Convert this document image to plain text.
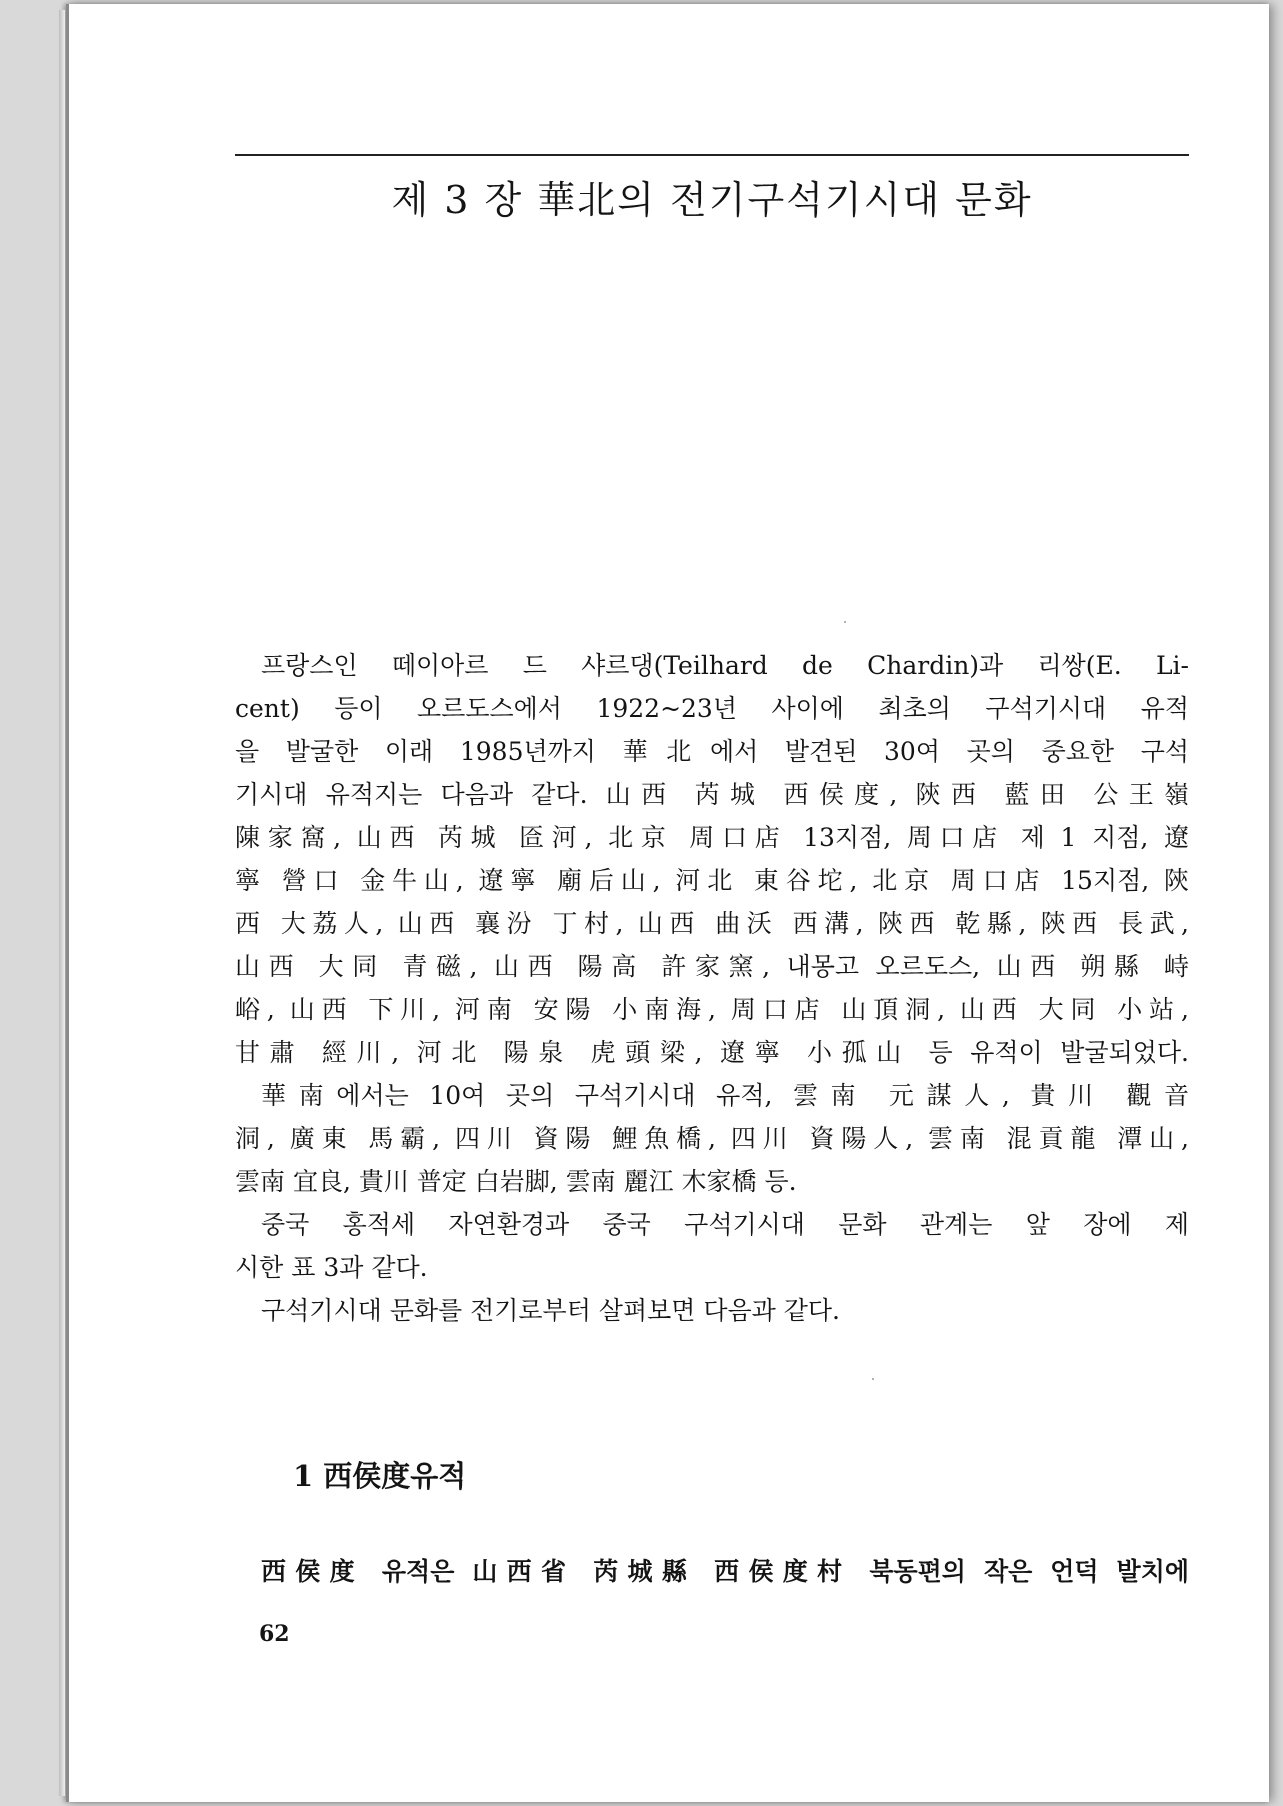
제 3 장 華北의 전기구석기시대 문화
프랑스인 떼이아르 드 샤르댕(Teilhard de Chardin)과 리쌍(E. Li-
cent) 등이 오르도스에서 1922~23년 사이에 최초의 구석기시대 유적
을 발굴한 이래 1985년까지 華北에서 발견된 30여 곳의 중요한 구석
기시대 유적지는 다음과 같다. 山西 芮城 西侯度, 陝西 藍田 公王嶺
陳家窩, 山西 芮城 匼河, 北京 周口店 13지점, 周口店 제 1 지점, 遼
寧 營口 金牛山, 遼寧 廟后山, 河北 東谷坨, 北京 周口店 15지점, 陝
西 大荔人, 山西 襄汾 丁村, 山西 曲沃 西溝, 陝西 乾縣, 陝西 長武,
山西 大同 青磁, 山西 陽高 許家窯, 내몽고 오르도스, 山西 朔縣 峙
峪, 山西 下川, 河南 安陽 小南海, 周口店 山頂洞, 山西 大同 小站,
甘肅 經川, 河北 陽泉 虎頭梁, 遼寧 小孤山 등 유적이 발굴되었다.
華南에서는 10여 곳의 구석기시대 유적, 雲南 元謀人, 貴川 觀音
洞, 廣東 馬霸, 四川 資陽 鯉魚橋, 四川 資陽人, 雲南 混貢龍 潭山,
雲南 宜良, 貴川 普定 白岩脚, 雲南 麗江 木家橋 등.
중국 홍적세 자연환경과 중국 구석기시대 문화 관계는 앞 장에 제
시한 표 3과 같다.
구석기시대 문화를 전기로부터 살펴보면 다음과 같다.
1 西侯度유적
西侯度 유적은 山西省 芮城縣 西侯度村 북동편의 작은 언덕 발치에
62
